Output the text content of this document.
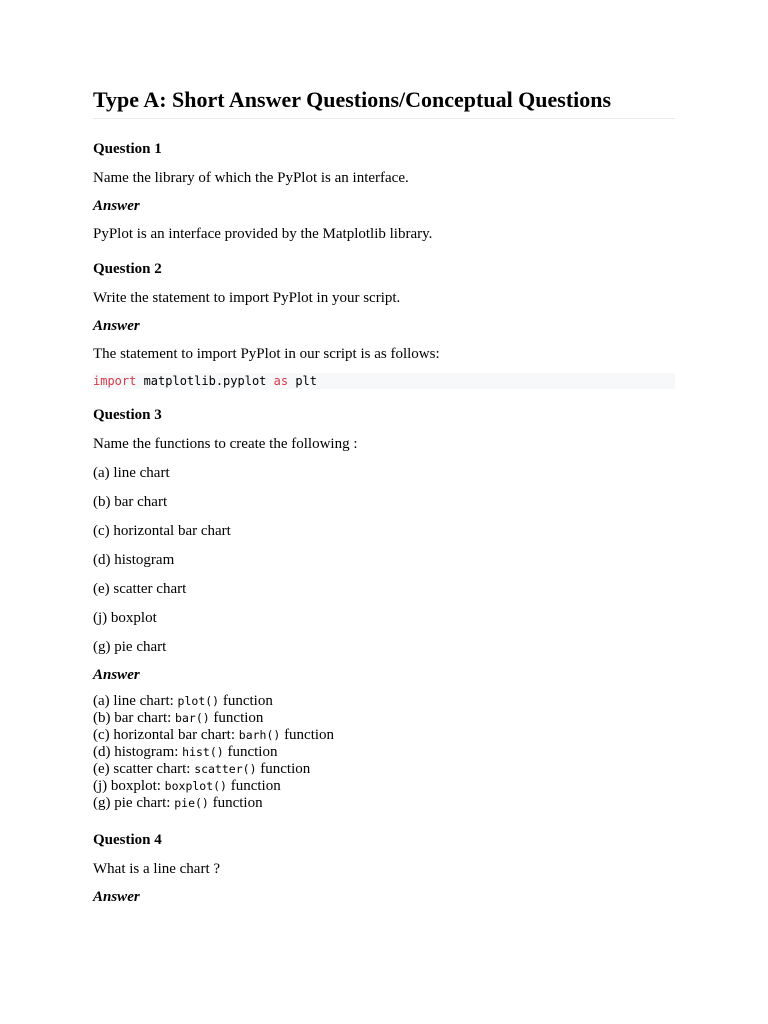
Type A: Short Answer Questions/Conceptual Questions
Question 1

Name the library of which the PyPlot is an interface.

Answer

PyPlot is an interface provided by the Matplotlib library.

Question 2

Write the statement to import PyPlot in your script.

Answer

The statement to import PyPlot in our script is as follows:

import matplotlib.pyplot as plt
Question 3

Name the functions to create the following :

(a) line chart

(b) bar chart

(c) horizontal bar chart

(d) histogram

(e) scatter chart

(j) boxplot

(g) pie chart

Answer

(a) line chart: plot() function

(b) bar chart: bar() function

(c) horizontal bar chart: barh() function

(d) histogram: hist() function

(e) scatter chart: scatter() function

(j) boxplot: boxplot() function

(g) pie chart: pie() function

Question 4

What is a line chart ?

Answer
